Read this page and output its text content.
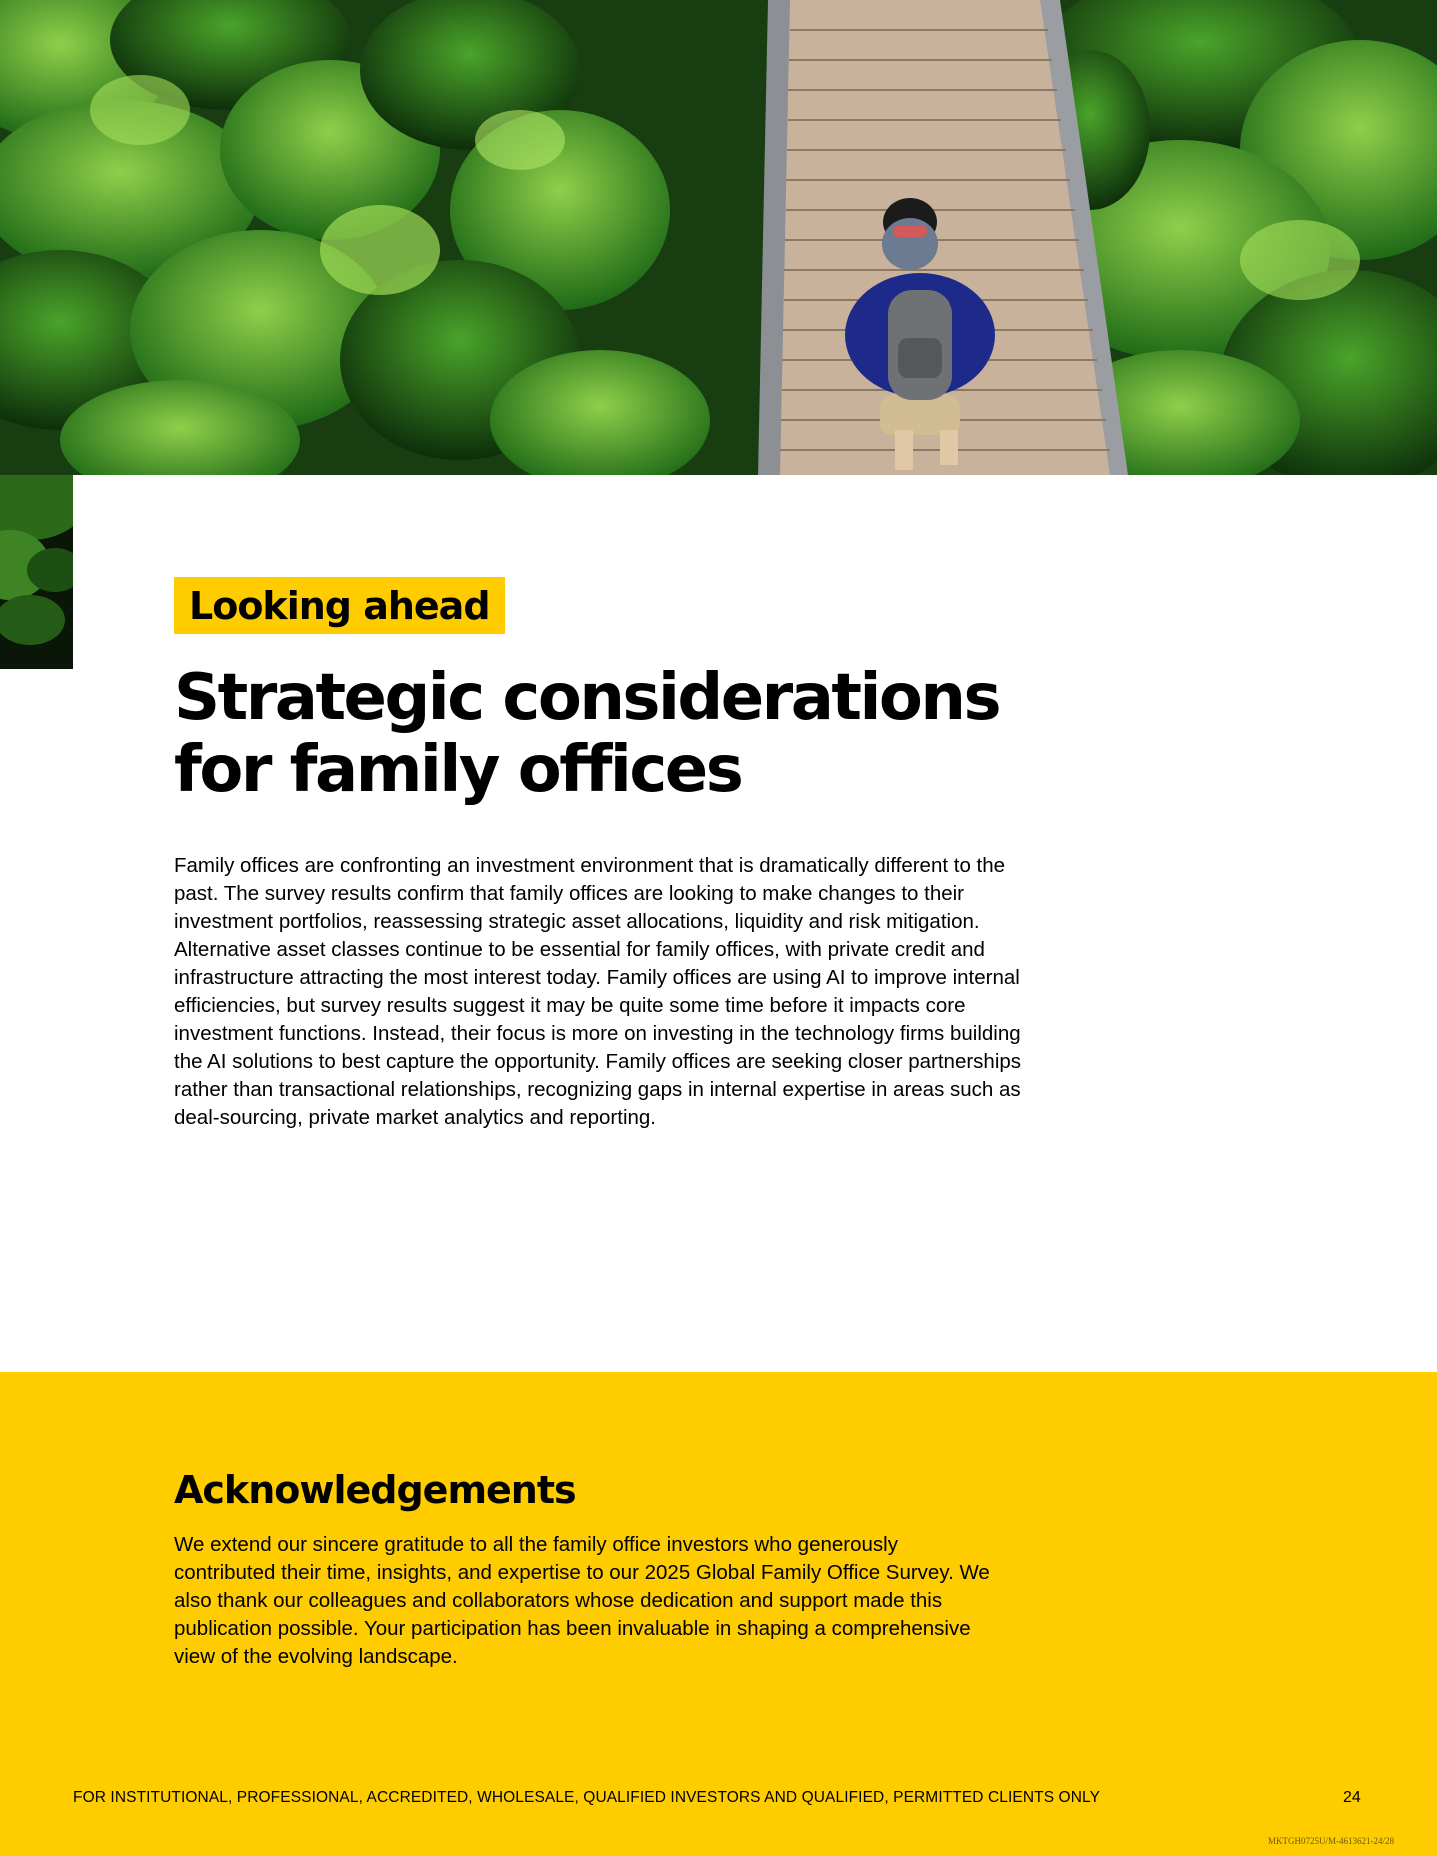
Looking ahead
Strategic considerations
for family offices

Family offices are confronting an investment environment that is dramatically different to the past. The survey results confirm that family offices are looking to make changes to their investment portfolios, reassessing strategic asset allocations, liquidity and risk mitigation. Alternative asset classes continue to be essential for family offices, with private credit and infrastructure attracting the most interest today. Family offices are using AI to improve internal efficiencies, but survey results suggest it may be quite some time before it impacts core investment functions. Instead, their focus is more on investing in the technology firms building the AI solutions to best capture the opportunity. Family offices are seeking closer partnerships rather than transactional relationships, recognizing gaps in internal expertise in areas such as deal-sourcing, private market analytics and reporting.

Acknowledgements

We extend our sincere gratitude to all the family office investors who generously contributed their time, insights, and expertise to our 2025 Global Family Office Survey. We also thank our colleagues and collaborators whose dedication and support made this publication possible. Your participation has been invaluable in shaping a comprehensive view of the evolving landscape.

FOR INSTITUTIONAL, PROFESSIONAL, ACCREDITED, WHOLESALE, QUALIFIED INVESTORS AND QUALIFIED, PERMITTED CLIENTS ONLY	24
MKTGH0725U/M-4613621-24/28
